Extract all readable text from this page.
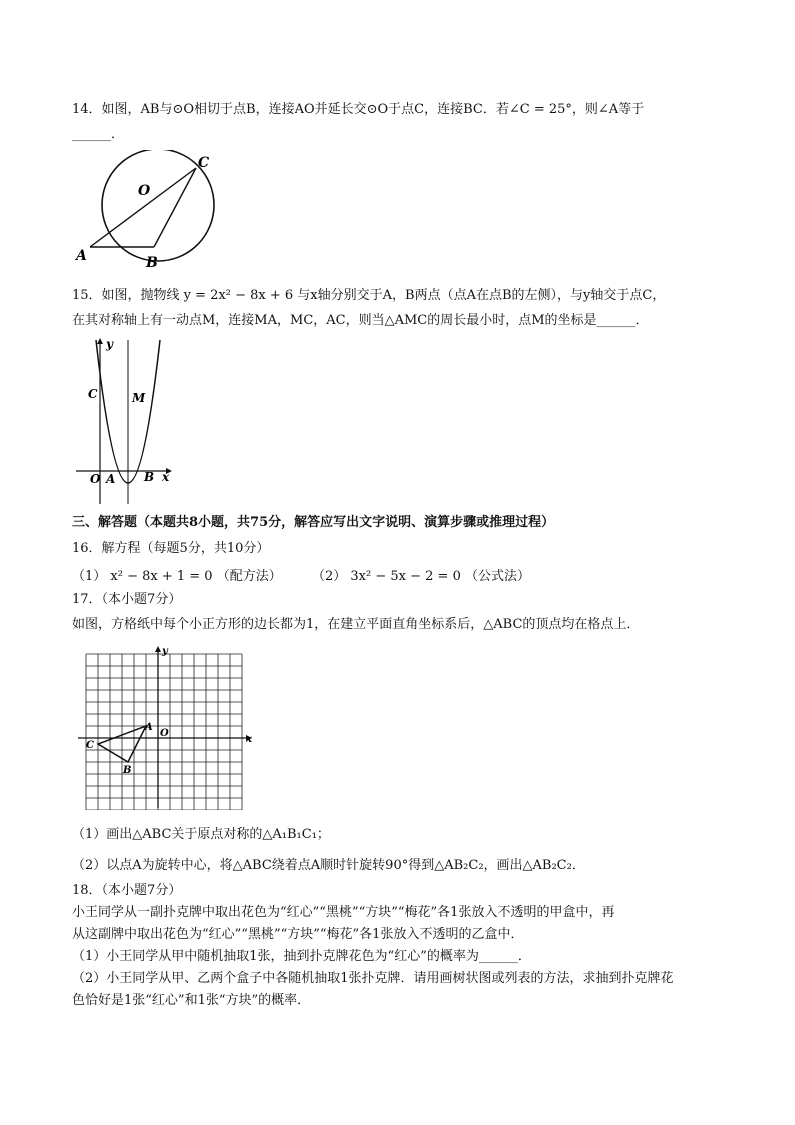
14．如图，AB与⊙O相切于点B，连接AO并延长交⊙O于点C，连接BC．若∠C = 25°，则∠A等于
______．
C
O
A	B
15．如图，抛物线 y = 2x² − 8x + 6 与x轴分别交于A，B两点（点A在点B的左侧），与y轴交于点C，
在其对称轴上有一动点M，连接MA，MC，AC，则当△AMC的周长最小时，点M的坐标是______．
y
C	M
O A B x
三、解答题（本题共8小题，共75分，解答应写出文字说明、演算步骤或推理过程）
16．解方程（每题5分，共10分）
（1） x² − 8x + 1 = 0 （配方法） （2） 3x² − 5x − 2 = 0 （公式法）
17．（本小题7分）
如图，方格纸中每个小正方形的边长都为1，在建立平面直角坐标系后，△ABC的顶点均在格点上．
y
x
A
B
C
O
（1）画出△ABC关于原点对称的△A₁B₁C₁；
（2）以点A为旋转中心，将△ABC绕着点A顺时针旋转90°得到△AB₂C₂，画出△AB₂C₂．
18．（本小题7分）
小王同学从一副扑克牌中取出花色为“红心”“黑桃”“方块”“梅花”各1张放入不透明的甲盒中，再
从这副牌中取出花色为“红心”“黑桃”“方块”“梅花”各1张放入不透明的乙盒中．
（1）小王同学从甲中随机抽取1张，抽到扑克牌花色为“红心”的概率为______．
（2）小王同学从甲、乙两个盒子中各随机抽取1张扑克牌．请用画树状图或列表的方法，求抽到扑克牌花
色恰好是1张“红心”和1张“方块”的概率．
